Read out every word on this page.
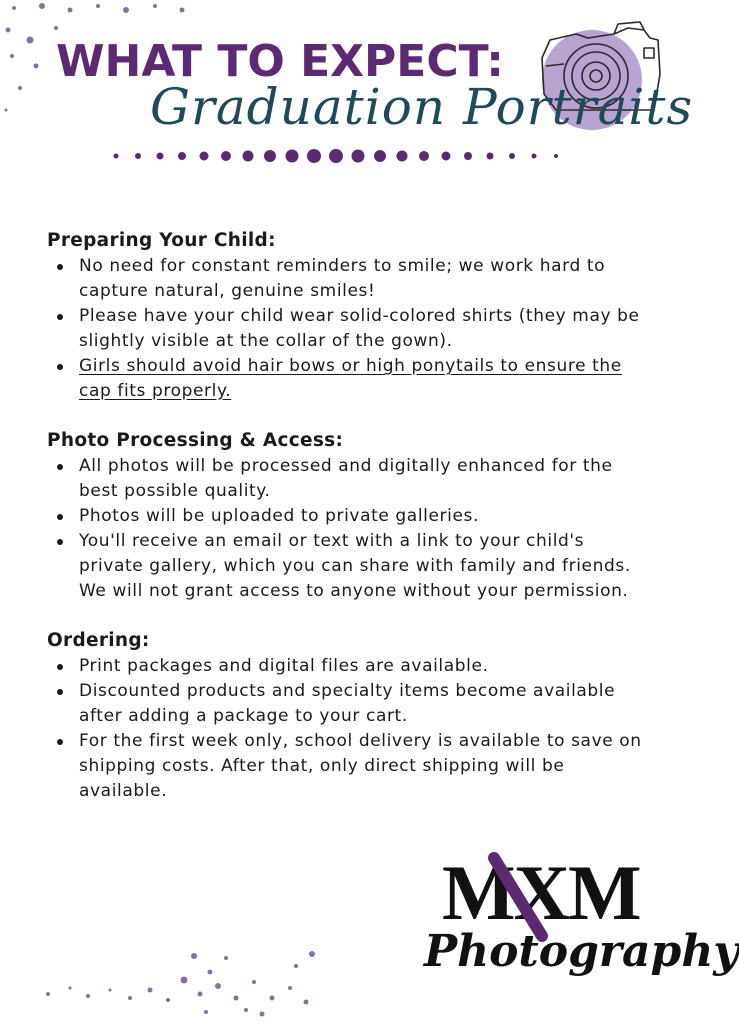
WHAT TO EXPECT:
Graduation Portraits
Preparing Your Child:
No need for constant reminders to smile; we work hard to capture natural, genuine smiles!
Please have your child wear solid-colored shirts (they may be slightly visible at the collar of the gown).
Girls should avoid hair bows or high ponytails to ensure the cap fits properly.
Photo Processing & Access:
All photos will be processed and digitally enhanced for the best possible quality.
Photos will be uploaded to private galleries.
You'll receive an email or text with a link to your child's private gallery, which you can share with family and friends. We will not grant access to anyone without your permission.
Ordering:
Print packages and digital files are available.
Discounted products and specialty items become available after adding a package to your cart.
For the first week only, school delivery is available to save on shipping costs. After that, only direct shipping will be available.
MXM
Photography
